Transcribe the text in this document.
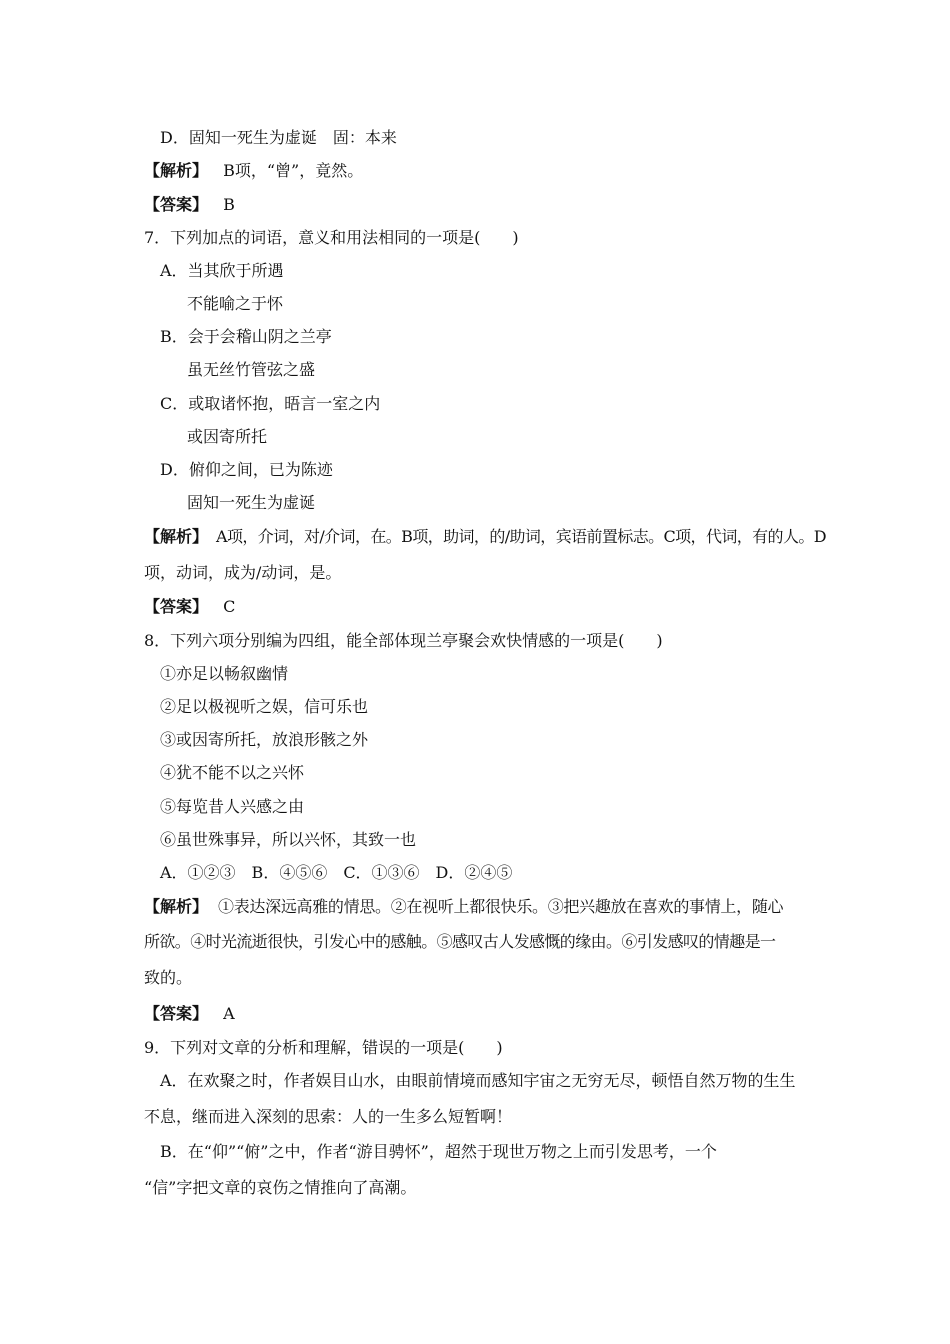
D．固知一死生为虚诞　固：本来
【解析】 B项，“曾”，竟然。
【答案】 B
7．下列加点的词语，意义和用法相同的一项是(　　)
A．当其欣于所遇
不能喻之于怀
B．会于会稽山阴之兰亭
虽无丝竹管弦之盛
C．或取诸怀抱，晤言一室之内
或因寄所托
D．俯仰之间，已为陈迹
固知一死生为虚诞
【解析】 A项，介词，对/介词，在。B项，助词，的/助词，宾语前置标志。C项，代词，有的人。D
项，动词，成为/动词，是。
【答案】 C
8．下列六项分别编为四组，能全部体现兰亭聚会欢快情感的一项是(　　)
①亦足以畅叙幽情
②足以极视听之娱，信可乐也
③或因寄所托，放浪形骸之外
④犹不能不以之兴怀
⑤每览昔人兴感之由
⑥虽世殊事异，所以兴怀，其致一也
A．①②③　B．④⑤⑥　C．①③⑥　D．②④⑤
【解析】 ①表达深远高雅的情思。②在视听上都很快乐。③把兴趣放在喜欢的事情上，随心
所欲。④时光流逝很快，引发心中的感触。⑤感叹古人发感慨的缘由。⑥引发感叹的情趣是一
致的。
【答案】 A
9．下列对文章的分析和理解，错误的一项是(　　)
A．在欢聚之时，作者娱目山水，由眼前情境而感知宇宙之无穷无尽，顿悟自然万物的生生
不息，继而进入深刻的思索：人的一生多么短暂啊！
B．在“仰”“俯”之中，作者“游目骋怀”，超然于现世万物之上而引发思考，一个
“信”字把文章的哀伤之情推向了高潮。
